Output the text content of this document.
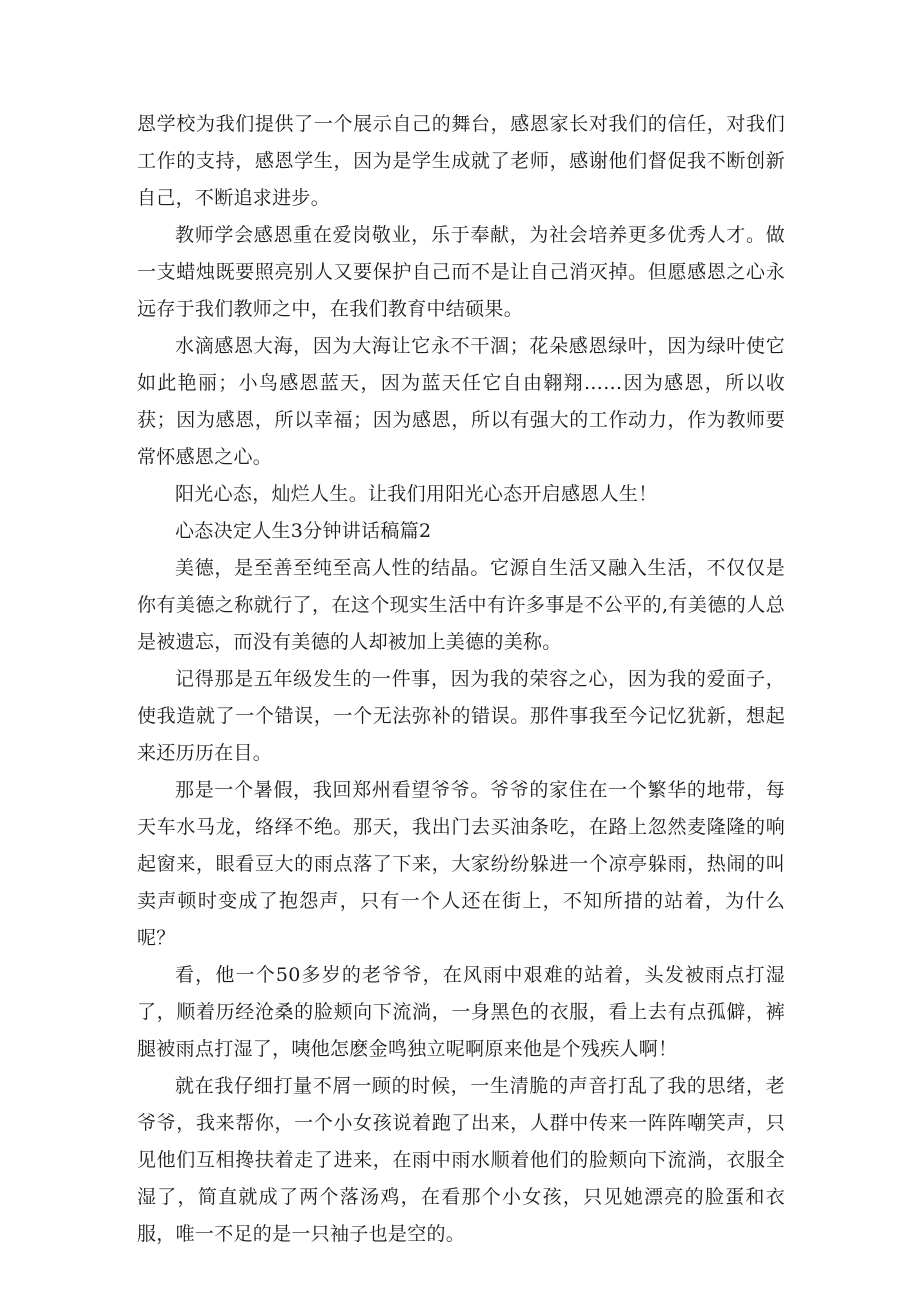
恩学校为我们提供了一个展示自己的舞台，感恩家长对我们的信任，对我们工作的支持，感恩学生，因为是学生成就了老师，感谢他们督促我不断创新自己，不断追求进步。

教师学会感恩重在爱岗敬业，乐于奉献，为社会培养更多优秀人才。做一支蜡烛既要照亮别人又要保护自己而不是让自己消灭掉。但愿感恩之心永远存于我们教师之中，在我们教育中结硕果。

水滴感恩大海，因为大海让它永不干涸；花朵感恩绿叶，因为绿叶使它如此艳丽；小鸟感恩蓝天，因为蓝天任它自由翱翔……因为感恩，所以收获；因为感恩，所以幸福；因为感恩，所以有强大的工作动力，作为教师要常怀感恩之心。

阳光心态，灿烂人生。让我们用阳光心态开启感恩人生！

心态决定人生3分钟讲话稿篇2

美德，是至善至纯至高人性的结晶。它源自生活又融入生活，不仅仅是你有美德之称就行了，在这个现实生活中有许多事是不公平的,有美德的人总是被遗忘，而没有美德的人却被加上美德的美称。

记得那是五年级发生的一件事，因为我的荣容之心，因为我的爱面子，使我造就了一个错误，一个无法弥补的错误。那件事我至今记忆犹新，想起来还历历在目。

那是一个暑假，我回郑州看望爷爷。爷爷的家住在一个繁华的地带，每天车水马龙，络绎不绝。那天，我出门去买油条吃，在路上忽然麦隆隆的响起窗来，眼看豆大的雨点落了下来，大家纷纷躲进一个凉亭躲雨，热闹的叫卖声顿时变成了抱怨声，只有一个人还在街上，不知所措的站着，为什么呢？

看，他一个50多岁的老爷爷，在风雨中艰难的站着，头发被雨点打湿了，顺着历经沧桑的脸颊向下流淌，一身黑色的衣服，看上去有点孤僻，裤腿被雨点打湿了，咦他怎麽金鸣独立呢啊原来他是个残疾人啊！

就在我仔细打量不屑一顾的时候，一生清脆的声音打乱了我的思绪，老爷爷，我来帮你，一个小女孩说着跑了出来，人群中传来一阵阵嘲笑声，只见他们互相搀扶着走了进来，在雨中雨水顺着他们的脸颊向下流淌，衣服全湿了，简直就成了两个落汤鸡，在看那个小女孩，只见她漂亮的脸蛋和衣服，唯一不足的是一只袖子也是空的。
